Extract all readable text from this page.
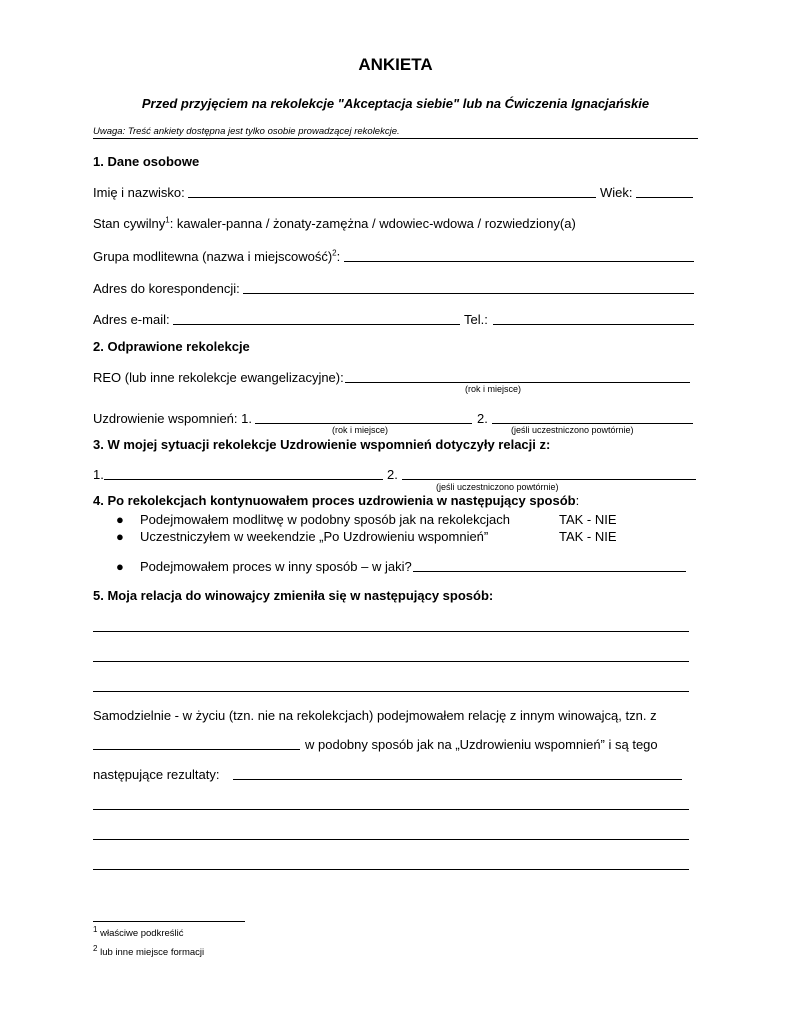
ANKIETA
Przed przyjęciem na rekolekcje "Akceptacja siebie" lub na Ćwiczenia Ignacjańskie
Uwaga: Treść ankiety dostępna jest tylko osobie prowadzącej rekolekcje.
1. Dane osobowe
Imię i nazwisko:	Wiek:
Stan cywilny$^1$: kawaler-panna / żonaty-zamężna / wdowiec-wdowa / rozwiedziony(a)
Grupa modlitewna (nazwa i miejscowość)$^2$:
Adres do korespondencji:
Adres e-mail:	Tel.:
2. Odprawione rekolekcje
REO (lub inne rekolekcje ewangelizacyjne):
(rok i miejsce)
Uzdrowienie wspomnień: 1.	2.
(rok i miejsce)	(jeśli uczestniczono powtórnie)
3. W mojej sytuacji rekolekcje Uzdrowienie wspomnień dotyczyły relacji z:
1.	2.
(jeśli uczestniczono powtórnie)
4. Po rekolekcjach kontynuowałem proces uzdrowienia w następujący sposób:
● Podejmowałem modlitwę w podobny sposób jak na rekolekcjach	TAK - NIE
● Uczestniczyłem w weekendzie „Po Uzdrowieniu wspomnień”	TAK - NIE
● Podejmowałem proces w inny sposób – w jaki?
5. Moja relacja do winowajcy zmieniła się w następujący sposób:
Samodzielnie - w życiu (tzn. nie na rekolekcjach) podejmowałem relację z innym winowajcą, tzn. z
w podobny sposób jak na „Uzdrowieniu wspomnień” i są tego
następujące rezultaty:
$^1$ właściwe podkreślić
$^2$ lub inne miejsce formacji
